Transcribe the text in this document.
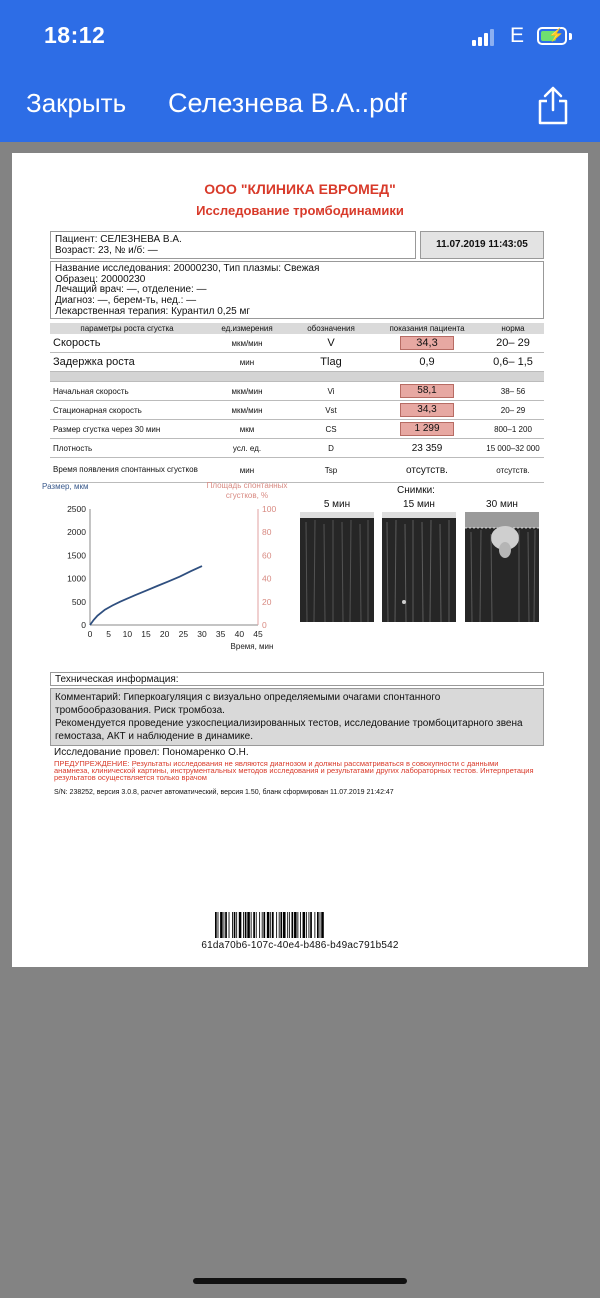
18:12	E ⚡
Закрыть Селезнева В.А..pdf
ООО "КЛИНИКА ЕВРОМЕД"
Исследование тромбодинамики
Пациент: СЕЛЕЗНЕВА В.А.
Возраст: 23, № и/б: —
11.07.2019 11:43:05
Название исследования: 20000230, Тип плазмы: Свежая
Образец: 20000230
Лечащий врач: —, отделение: —
Диагноз: —, берем-ть, нед.: —
Лекарственная терапия: Курантил 0,25 мг
параметры роста сгустка	ед.измерения	обозначения	показания пациента	норма
Скорость	мкм/мин	V	34,3	20– 29
Задержка роста	мин	Tlag	0,9	0,6– 1,5

Начальная скорость	мкм/мин	Vi	58,1	38– 56
Стационарная скорость	мкм/мин	Vst	34,3	20– 29
Размер сгустка через 30 мин	мкм	CS	1 299	800–1 200
Плотность	усл. ед.	D	23 359	15 000–32 000
Время появления спонтанных сгустков	мин	Tsp	отсутств.	отсутств.
0 5 10 15 20 25 30 35 40 45
0
500
1000
1500
2000
2500
0
20
40
60
80
100
Размер, мкм	Площадь спонтанных
сгустков, %
Время, мин
Снимки:
5 мин	15 мин	30 мин
Техническая информация:

Комментарий: Гиперкоагуляция с визуально определяемыми очагами спонтанного тромбообразования. Риск тромбоза.

Рекомендуется проведение узкоспециализированных тестов, исследование тромбоцитарного звена гемостаза, АКТ и наблюдение в динамике.

Исследование провел: Пономаренко О.Н.
ПРЕДУПРЕЖДЕНИЕ: Результаты исследования не являются диагнозом и должны рассматриваться в совокупности с данными анамнеза, клинической картины, инструментальных методов исследования и результатами других лабораторных тестов. Интерпретация результатов осуществляется только врачом
S/N: 238252, версия 3.0.8, расчет автоматический, версия 1.50, бланк сформирован 11.07.2019 21:42:47
61da70b6-107c-40e4-b486-b49ac791b542
